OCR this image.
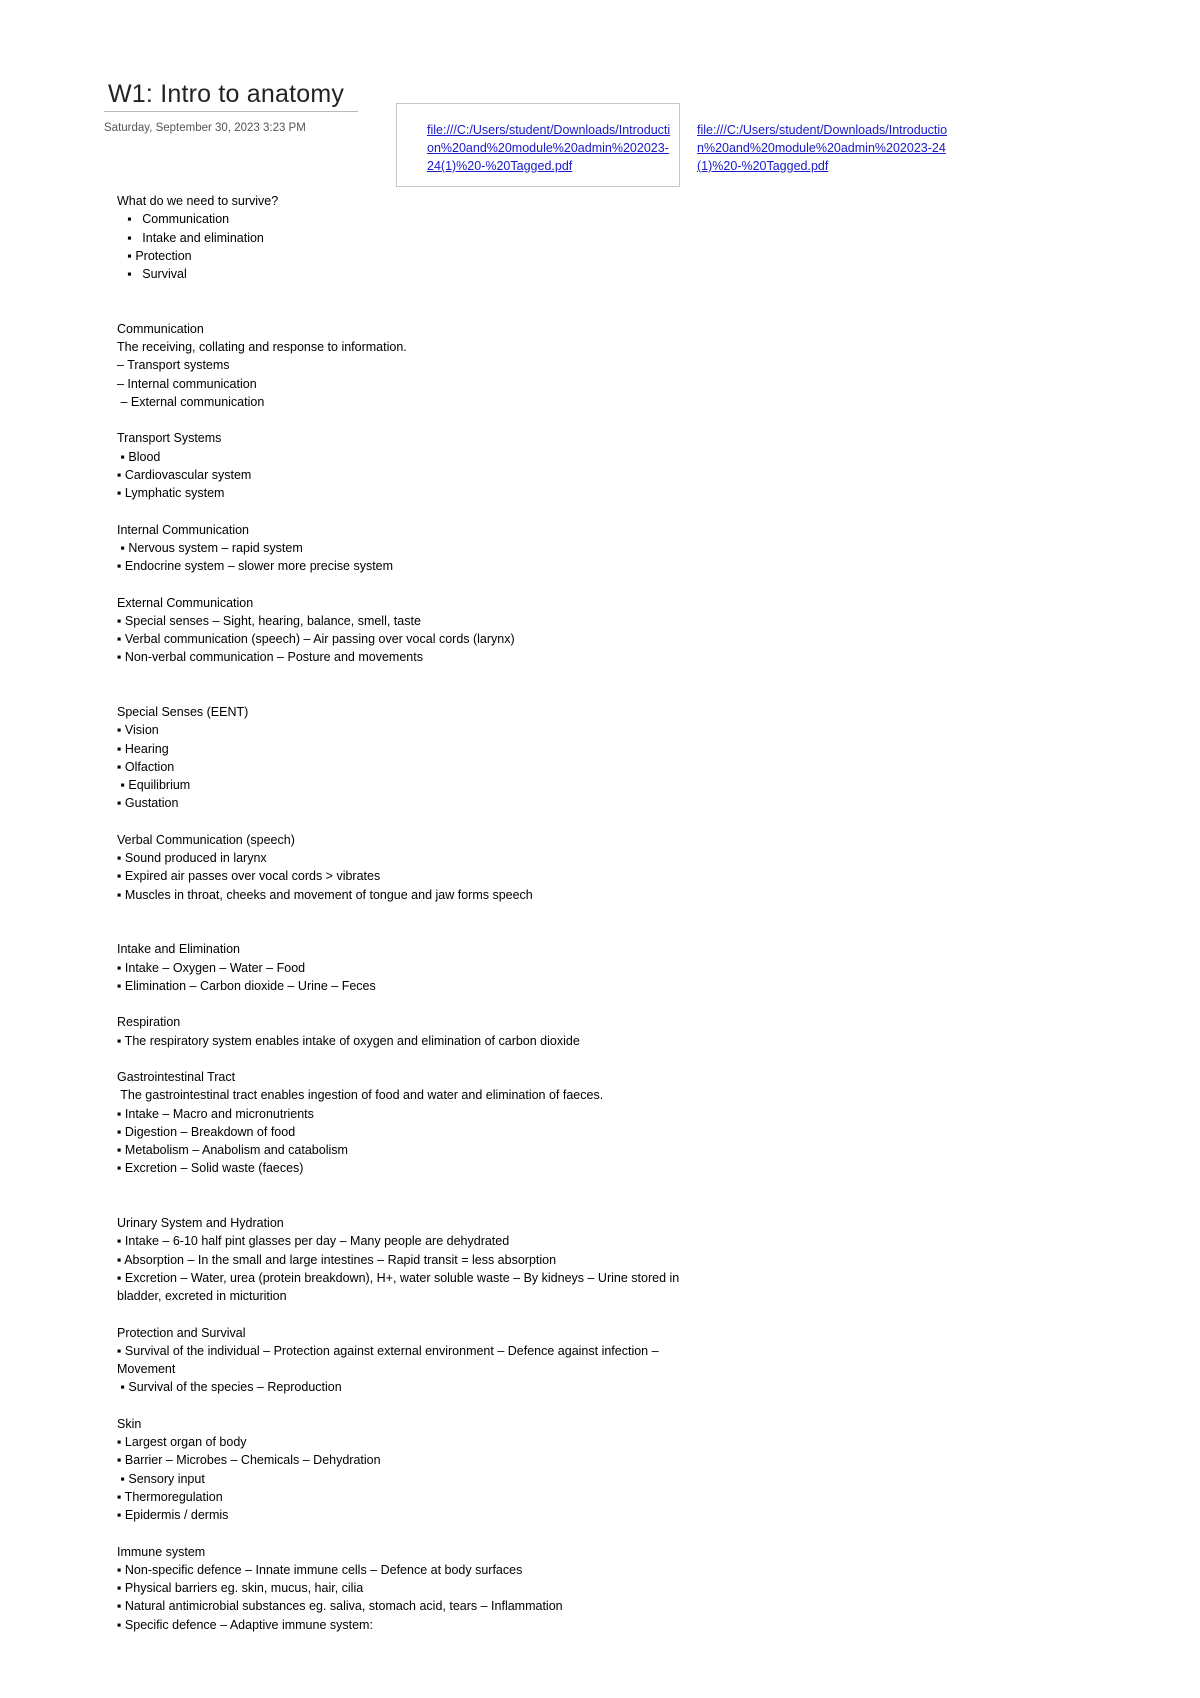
W1: Intro to anatomy
Saturday, September 30, 2023 3:23 PM	file:///C:/Users/student/Downloads/Introduction%20and%20module%20admin%202023-24(1)%20-%20Tagged.pdf
file:///C:/Users/student/Downloads/Introduction%20and%20module%20admin%202023-24(1)%20-%20Tagged.pdf
What do we need to survive?
▪   Communication
▪   Intake and elimination
▪ Protection
▪   Survival
Communication
The receiving, collating and response to information.
– Transport systems
– Internal communication
– External communication
Transport Systems
▪ Blood
▪ Cardiovascular system
▪ Lymphatic system
Internal Communication
▪ Nervous system – rapid system
▪ Endocrine system – slower more precise system
External Communication
▪ Special senses – Sight, hearing, balance, smell, taste
▪ Verbal communication (speech) – Air passing over vocal cords (larynx)
▪ Non-verbal communication – Posture and movements
Special Senses (EENT)
▪ Vision
▪ Hearing
▪ Olfaction
▪ Equilibrium
▪ Gustation
Verbal Communication (speech)
▪ Sound produced in larynx
▪ Expired air passes over vocal cords > vibrates
▪ Muscles in throat, cheeks and movement of tongue and jaw forms speech
Intake and Elimination
▪ Intake – Oxygen – Water – Food
▪ Elimination – Carbon dioxide – Urine – Feces
Respiration
▪ The respiratory system enables intake of oxygen and elimination of carbon dioxide
Gastrointestinal Tract
The gastrointestinal tract enables ingestion of food and water and elimination of faeces.
▪ Intake – Macro and micronutrients
▪ Digestion – Breakdown of food
▪ Metabolism – Anabolism and catabolism
▪ Excretion – Solid waste (faeces)
Urinary System and Hydration
▪ Intake – 6-10 half pint glasses per day – Many people are dehydrated
▪ Absorption – In the small and large intestines – Rapid transit = less absorption
▪ Excretion – Water, urea (protein breakdown), H+, water soluble waste – By kidneys – Urine stored in
bladder, excreted in micturition
Protection and Survival
▪ Survival of the individual – Protection against external environment – Defence against infection –
Movement
▪ Survival of the species – Reproduction
Skin
▪ Largest organ of body
▪ Barrier – Microbes – Chemicals – Dehydration
▪ Sensory input
▪ Thermoregulation
▪ Epidermis / dermis
Immune system
▪ Non-specific defence – Innate immune cells – Defence at body surfaces
▪ Physical barriers eg. skin, mucus, hair, cilia
▪ Natural antimicrobial substances eg. saliva, stomach acid, tears – Inflammation
▪ Specific defence – Adaptive immune system:
